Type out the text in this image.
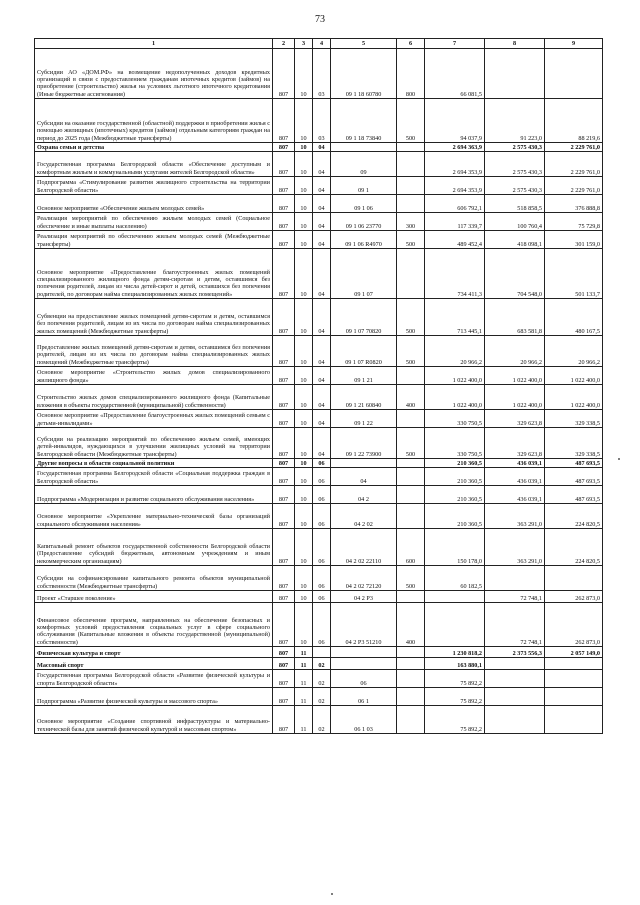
73
1	2	3	4	5	6	7	8	9
Субсидии АО «ДОМ.РФ» на возмещение недополученных доходов кредитных организаций в связи с предоставлением гражданам ипотечных кредитов (займов) на приобретение (строительство) жилья на условиях льготного ипотечного кредитования (Иные бюджетные ассигнования)	807	10	03	09 1 18 60780	800	66 081,5		
Субсидии на оказание государственной (областной) поддержки в приобретении жилья с помощью жилищных (ипотечных) кредитов (займов) отдельным категориям граждан на период до 2025 года (Межбюджетные трансферты)	807	10	03	09 1 18 73840	500	94 037,9	91 223,0	88 219,6
Охрана семьи и детства	807	10	04			2 694 363,9	2 575 430,3	2 229 761,0
Государственная программа Белгородской области «Обеспечение доступным и комфортным жильем и коммунальными услугами жителей Белгородской области»	807	10	04	09		2 694 353,9	2 575 430,3	2 229 761,0
Подпрограмма «Стимулирование развития жилищного строительства на территории Белгородской области»	807	10	04	09 1		2 694 353,9	2 575 430,3	2 229 761,0
Основное мероприятие «Обеспечение жильем молодых семей»	807	10	04	09 1 06		606 792,1	518 858,5	376 888,8
Реализация мероприятий по обеспечению жильем молодых семей (Социальное обеспечение и иные выплаты населению)	807	10	04	09 1 06 23770	300	117 339,7	100 760,4	75 729,8
Реализация мероприятий по обеспечению жильем молодых семей (Межбюджетные трансферты)	807	10	04	09 1 06 R4970	500	489 452,4	418 098,1	301 159,0
Основное мероприятие «Предоставление благоустроенных жилых помещений специализированного жилищного фонда детям-сиротам и детям, оставшимся без попечения родителей, лицам из числа детей-сирот и детей, оставшихся без попечения родителей, по договорам найма специализированных жилых помещений»	807	10	04	09 1 07		734 411,3	704 548,0	501 133,7
Субвенции на предоставление жилых помещений детям-сиротам и детям, оставшимся без попечения родителей, лицам из их числа по договорам найма специализированных жилых помещений (Межбюджетные трансферты)	807	10	04	09 1 07 70820	500	713 445,1	683 581,8	480 167,5
Предоставление жилых помещений детям-сиротам и детям, оставшимся без попечения родителей, лицам из их числа по договорам найма специализированных жилых помещений (Межбюджетные трансферты)	807	10	04	09 1 07 R0820	500	20 966,2	20 966,2	20 966,2
Основное мероприятие «Строительство жилых домов специализированного жилищного фонда»	807	10	04	09 1 21		1 022 400,0	1 022 400,0	1 022 400,0
Строительство жилых домов специализированного жилищного фонда (Капитальные вложения в объекты государственной (муниципальной) собственности)	807	10	04	09 1 21 60840	400	1 022 400,0	1 022 400,0	1 022 400,0
Основное мероприятие «Предоставление благоустроенных жилых помещений семьям с детьми-инвалидами»	807	10	04	09 1 22		330 750,5	329 623,8	329 338,5
Субсидии на реализацию мероприятий по обеспечению жильем семей, имеющих детей-инвалидов, нуждающихся в улучшении жилищных условий на территории Белгородской области (Межбюджетные трансферты)	807	10	04	09 1 22 73900	500	330 750,5	329 623,8	329 338,5
Другие вопросы в области социальной политики	807	10	06			210 360,5	436 039,1	487 693,5
Государственная программа Белгородской области «Социальная поддержка граждан в Белгородской области»	807	10	06	04		210 360,5	436 039,1	487 693,5
Подпрограмма «Модернизация и развитие социального обслуживания населения»	807	10	06	04 2		210 360,5	436 039,1	487 693,5
Основное мероприятие «Укрепление материально-технической базы организаций социального обслуживания населения»	807	10	06	04 2 02		210 360,5	363 291,0	224 820,5
Капитальный ремонт объектов государственной собственности Белгородской области (Предоставление субсидий бюджетным, автономным учреждениям и иным некоммерческим организациям)	807	10	06	04 2 02 22110	600	150 178,0	363 291,0	224 820,5
Субсидии на софинансирование капитального ремонта объектов муниципальной собственности (Межбюджетные трансферты)	807	10	06	04 2 02 72120	500	60 182,5		
Проект «Старшее поколение»	807	10	06	04 2 P3			72 748,1	262 873,0
Финансовое обеспечение программ, направленных на обеспечение безопасных и комфортных условий предоставления социальных услуг в сфере социального обслуживания (Капитальные вложения в объекты государственной (муниципальной) собственности)	807	10	06	04 2 P3 51210	400		72 748,1	262 873,0
Физическая культура и спорт	807	11				1 230 818,2	2 373 556,3	2 057 149,0
Массовый спорт	807	11	02			163 880,1		
Государственная программа Белгородской области «Развитие физической культуры и спорта Белгородской области»	807	11	02	06		75 892,2		
Подпрограмма «Развитие физической культуры и массового спорта»	807	11	02	06 1		75 892,2		
Основное мероприятие «Создание спортивной инфраструктуры и материально-технической базы для занятий физической культурой и массовым спортом»	807	11	02	06 1 03		75 892,2		
